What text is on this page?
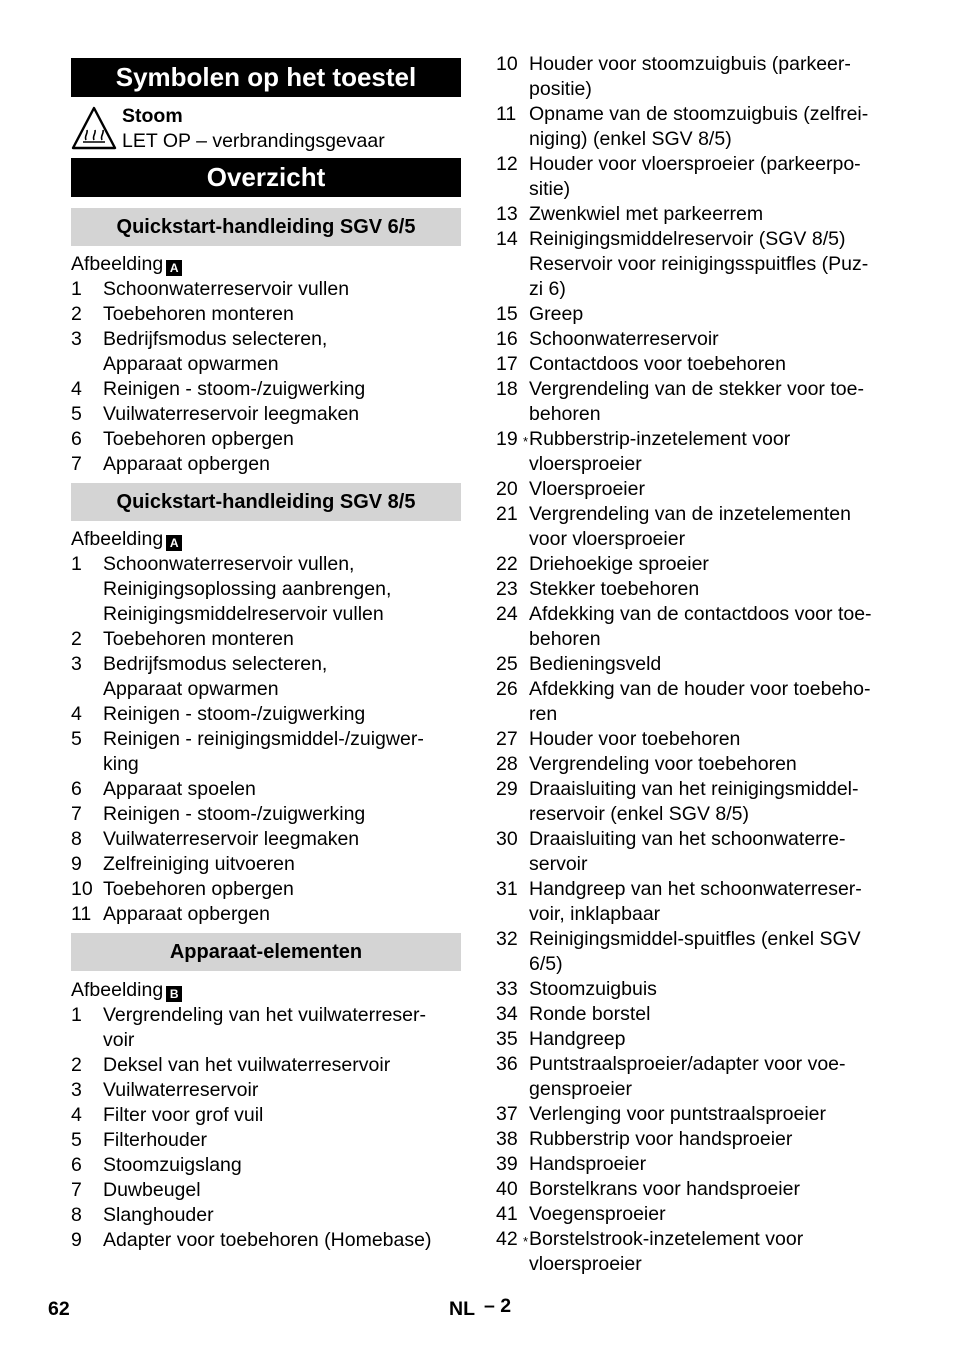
Symbolen op het toestel
Stoom
LET OP – verbrandingsgevaar
Overzicht
Quickstart-handleiding SGV 6/5
Afbeelding A
1 Schoonwaterreservoir vullen
2 Toebehoren monteren
3 Bedrijfsmodus selecteren,
Apparaat opwarmen
4 Reinigen - stoom-/zuigwerking
5 Vuilwaterreservoir leegmaken
6 Toebehoren opbergen
7 Apparaat opbergen
Quickstart-handleiding SGV 8/5
Afbeelding A
1 Schoonwaterreservoir vullen,
Reinigingsoplossing aanbrengen,
Reinigingsmiddelreservoir vullen
2 Toebehoren monteren
3 Bedrijfsmodus selecteren,
Apparaat opwarmen
4 Reinigen - stoom-/zuigwerking
5 Reinigen - reinigingsmiddel-/zuigwer-
king
6 Apparaat spoelen
7 Reinigen - stoom-/zuigwerking
8 Vuilwaterreservoir leegmaken
9 Zelfreiniging uitvoeren
10 Toebehoren opbergen
11 Apparaat opbergen
Apparaat-elementen
Afbeelding B
1 Vergrendeling van het vuilwaterreser-
voir
2 Deksel van het vuilwaterreservoir
3 Vuilwaterreservoir
4 Filter voor grof vuil
5 Filterhouder
6 Stoomzuigslang
7 Duwbeugel
8 Slanghouder
9 Adapter voor toebehoren (Homebase)
10 Houder voor stoomzuigbuis (parkeer-
positie)
11 Opname van de stoomzuigbuis (zelfrei-
niging) (enkel SGV 8/5)
12 Houder voor vloersproeier (parkeerpo-
sitie)
13 Zwenkwiel met parkeerrem
14 Reinigingsmiddelreservoir (SGV 8/5)
Reservoir voor reinigingsspuitfles (Puz-
zi 6)
15 Greep
16 Schoonwaterreservoir
17 Contactdoos voor toebehoren
18 Vergrendeling van de stekker voor toe-
behoren
19 * Rubberstrip-inzetelement voor
vloersproeier
20 Vloersproeier
21 Vergrendeling van de inzetelementen
voor vloersproeier
22 Driehoekige sproeier
23 Stekker toebehoren
24 Afdekking van de contactdoos voor toe-
behoren
25 Bedieningsveld
26 Afdekking van de houder voor toebeho-
ren
27 Houder voor toebehoren
28 Vergrendeling voor toebehoren
29 Draaisluiting van het reinigingsmiddel-
reservoir (enkel SGV 8/5)
30 Draaisluiting van het schoonwaterre-
servoir
31 Handgreep van het schoonwaterreser-
voir, inklapbaar
32 Reinigingsmiddel-spuitfles (enkel SGV
6/5)
33 Stoomzuigbuis
34 Ronde borstel
35 Handgreep
36 Puntstraalsproeier/adapter voor voe-
gensproeier
37 Verlenging voor puntstraalsproeier
38 Rubberstrip voor handsproeier
39 Handsproeier
40 Borstelkrans voor handsproeier
41 Voegensproeier
42 * Borstelstrook-inzetelement voor
vloersproeier
62	NL – 2
